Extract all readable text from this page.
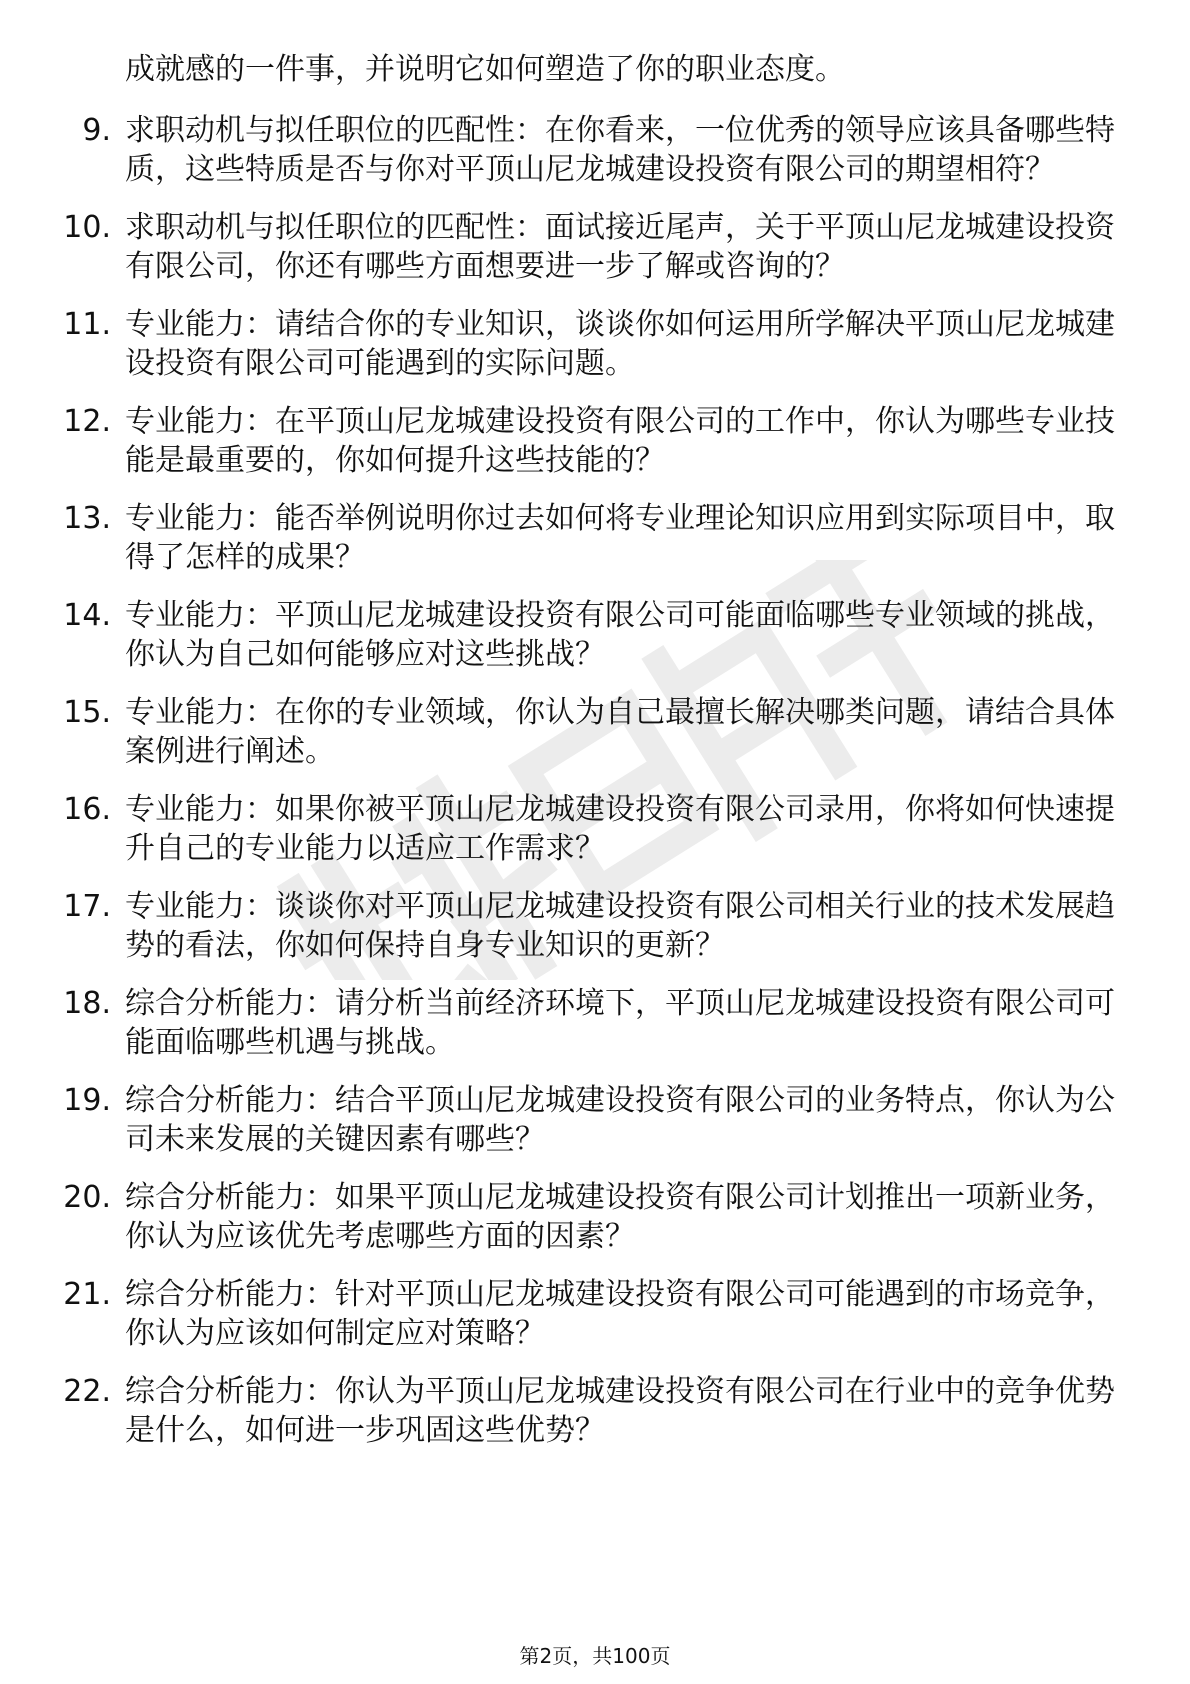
成就感的一件事，并说明它如何塑造了你的职业态度。

9. 求职动机与拟任职位的匹配性：在你看来，一位优秀的领导应该具备哪些特质，这些特质是否与你对平顶山尼龙城建设投资有限公司的期望相符？
10. 求职动机与拟任职位的匹配性：面试接近尾声，关于平顶山尼龙城建设投资有限公司，你还有哪些方面想要进一步了解或咨询的？
11. 专业能力：请结合你的专业知识，谈谈你如何运用所学解决平顶山尼龙城建设投资有限公司可能遇到的实际问题。
12. 专业能力：在平顶山尼龙城建设投资有限公司的工作中，你认为哪些专业技能是最重要的，你如何提升这些技能的？
13. 专业能力：能否举例说明你过去如何将专业理论知识应用到实际项目中，取得了怎样的成果？
14. 专业能力：平顶山尼龙城建设投资有限公司可能面临哪些专业领域的挑战，你认为自己如何能够应对这些挑战？
15. 专业能力：在你的专业领域，你认为自己最擅长解决哪类问题，请结合具体案例进行阐述。
16. 专业能力：如果你被平顶山尼龙城建设投资有限公司录用，你将如何快速提升自己的专业能力以适应工作需求？
17. 专业能力：谈谈你对平顶山尼龙城建设投资有限公司相关行业的技术发展趋势的看法，你如何保持自身专业知识的更新？
18. 综合分析能力：请分析当前经济环境下，平顶山尼龙城建设投资有限公司可能面临哪些机遇与挑战。
19. 综合分析能力：结合平顶山尼龙城建设投资有限公司的业务特点，你认为公司未来发展的关键因素有哪些？
20. 综合分析能力：如果平顶山尼龙城建设投资有限公司计划推出一项新业务，你认为应该优先考虑哪些方面的因素？
21. 综合分析能力：针对平顶山尼龙城建设投资有限公司可能遇到的市场竞争，你认为应该如何制定应对策略？
22. 综合分析能力：你认为平顶山尼龙城建设投资有限公司在行业中的竞争优势是什么，如何进一步巩固这些优势？
第2页，共100页
